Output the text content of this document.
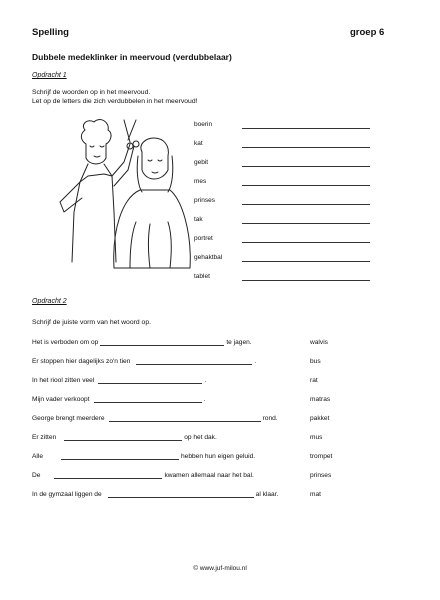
Spelling	groep 6
Dubbele medeklinker in meervoud (verdubbelaar)
Opdracht 1
Schrijf de woorden op in het meervoud.
Let op de letters die zich verdubbelen in het meervoud!
boerin
kat
gebit
mes
prinses
tak
portret
gehaktbal
tablet
Opdracht 2
Schrijf de juiste vorm van het woord op.
Het is verboden om op	te jagen.	walvis
Er stoppen hier dagelijks zo'n tien	.	bus
In het riool zitten veel	.	rat
Mijn vader verkoopt	.	matras
George brengt meerdere	rond.	pakket
Er zitten	op het dak.	mus
Alle	hebben hun eigen geluid.	trompet
De	kwamen allemaal naar het bal.	prinses
In de gymzaal liggen de	al klaar.	mat
© www.juf-milou.nl
